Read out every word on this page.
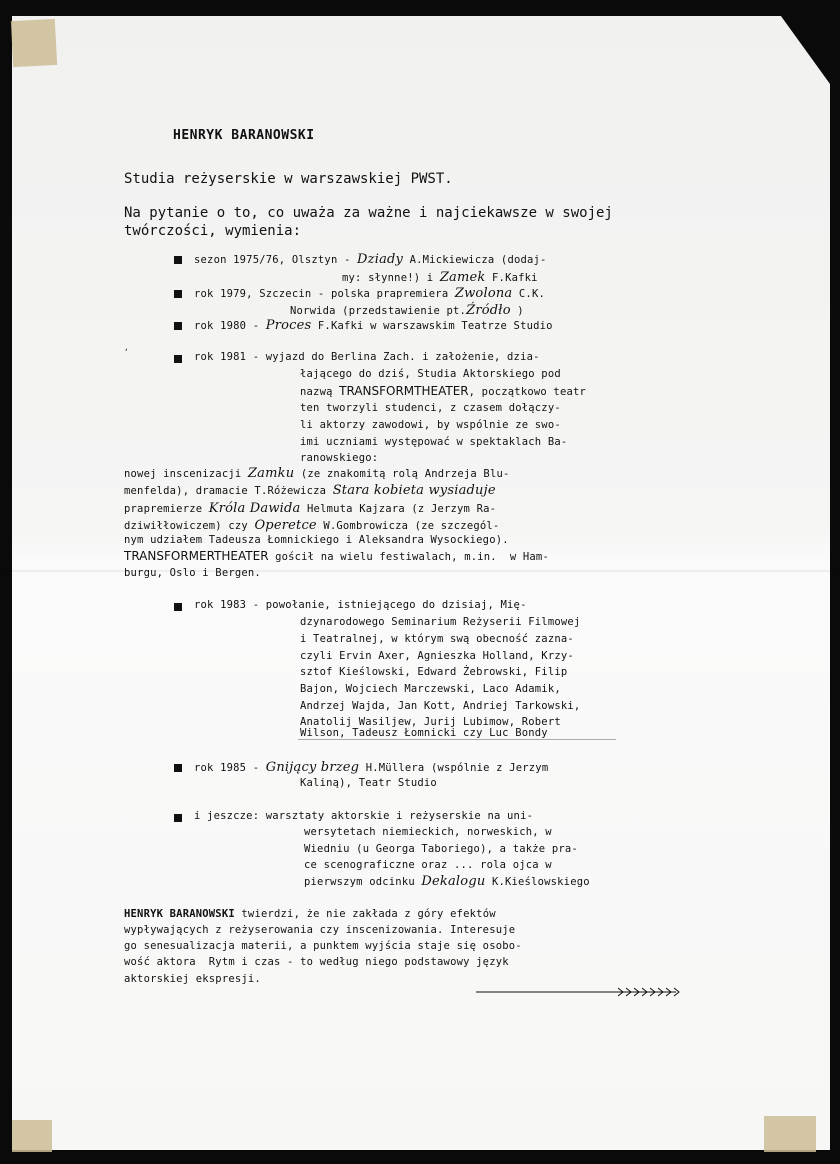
HENRYK BARANOWSKI
Studia reżyserskie w warszawskiej PWST.
Na pytanie o to, co uważa za ważne i najciekawsze w swojej
twórczości, wymienia:
sezon 1975/76, Olsztyn - Dziady A.Mickiewicza (dodaj-
my: słynne!) i Zamek F.Kafki
rok 1979, Szczecin - polska prapremiera Zwolona C.K.
Norwida (przedstawienie pt.Źródło )
rok 1980 - Proces F.Kafki w warszawskim Teatrze Studio
,
rok 1981 - wyjazd do Berlina Zach. i założenie, dzia-
łającego do dziś, Studia Aktorskiego pod
nazwą TRANSFORMTHEATER, początkowo teatr
ten tworzyli studenci, z czasem dołączy-
li aktorzy zawodowi, by wspólnie ze swo-
imi uczniami występować w spektaklach Ba-
ranowskiego:
nowej inscenizacji Zamku (ze znakomitą rolą Andrzeja Blu-
menfelda), dramacie T.Różewicza Stara kobieta wysiaduje
prapremierze Króla Dawida Helmuta Kajzara (z Jerzym Ra-
dziwiłłowiczem) czy Operetce W.Gombrowicza (ze szczegól-
nym udziałem Tadeusza Łomnickiego i Aleksandra Wysockiego).
TRANSFORMERTHEATER gościł na wielu festiwalach, m.in.  w Ham-
burgu, Oslo i Bergen.
rok 1983 - powołanie, istniejącego do dzisiaj, Mię-
dzynarodowego Seminarium Reżyserii Filmowej
i Teatralnej, w którym swą obecność zazna-
czyli Ervin Axer, Agnieszka Holland, Krzy-
sztof Kieślowski, Edward Żebrowski, Filip
Bajon, Wojciech Marczewski, Laco Adamik,
Andrzej Wajda, Jan Kott, Andriej Tarkowski,
Anatolij Wasiljew, Jurij Lubimow, Robert
Wilson, Tadeusz Łomnicki czy Luc Bondy
rok 1985 - Gnijący brzeg H.Müllera (wspólnie z Jerzym
Kaliną), Teatr Studio
i jeszcze: warsztaty aktorskie i reżyserskie na uni-
wersytetach niemieckich, norweskich, w
Wiedniu (u Georga Taboriego), a także pra-
ce scenograficzne oraz ... rola ojca w
pierwszym odcinku Dekalogu K.Kieślowskiego
HENRYK BARANOWSKI twierdzi, że nie zakłada z góry efektów
wypływających z reżyserowania czy inscenizowania. Interesuje
go senesualizacja materii, a punktem wyjścia staje się osobo-
wość aktora  Rytm i czas - to według niego podstawowy język
aktorskiej ekspresji.
